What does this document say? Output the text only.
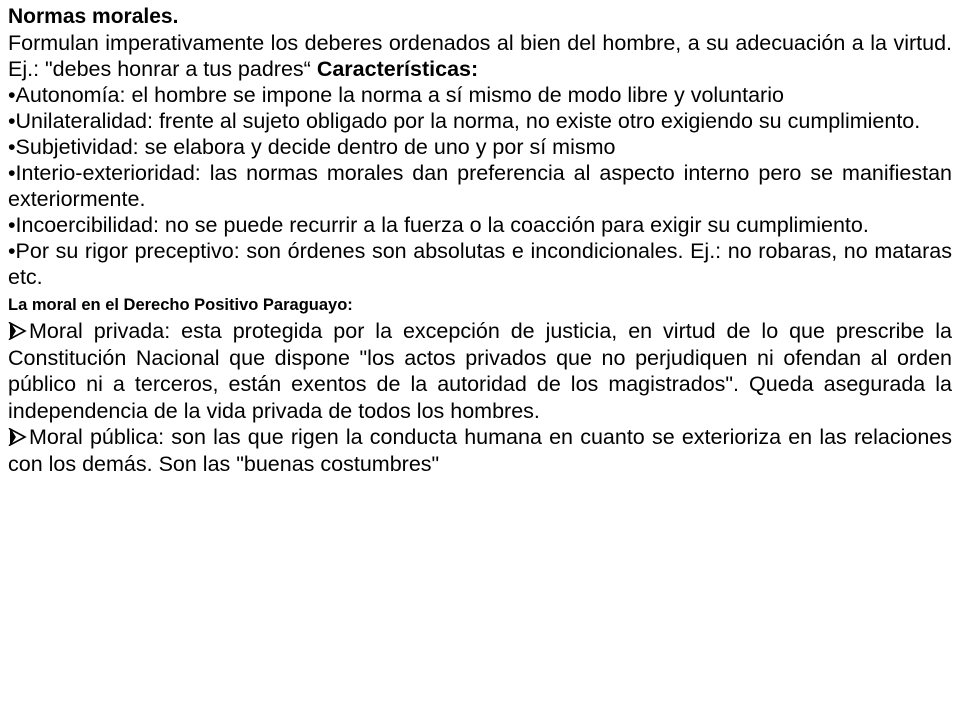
Normas morales.

Formulan imperativamente los deberes ordenados al bien del hombre, a su adecuación a la virtud. Ej.: "debes honrar a tus padres“ Características:

•Autonomía: el hombre se impone la norma a sí mismo de modo libre y voluntario

•Unilateralidad: frente al sujeto obligado por la norma, no existe otro exigiendo su cumplimiento.

•Subjetividad: se elabora y decide dentro de uno y por sí mismo

•Interio-exterioridad: las normas morales dan preferencia al aspecto interno pero se manifiestan exteriormente.

•Incoercibilidad: no se puede recurrir a la fuerza o la coacción para exigir su cumplimiento.

•Por su rigor preceptivo: son órdenes son absolutas e incondicionales. Ej.: no robaras, no mataras etc.

La moral en el Derecho Positivo Paraguayo:

Moral privada: esta protegida por la excepción de justicia, en virtud de lo que prescribe la Constitución Nacional que dispone "los actos privados que no perjudiquen ni ofendan al orden público ni a terceros, están exentos de la autoridad de los magistrados". Queda asegurada la independencia de la vida privada de todos los hombres.

Moral pública: son las que rigen la conducta humana en cuanto se exterioriza en las relaciones con los demás. Son las "buenas costumbres"
